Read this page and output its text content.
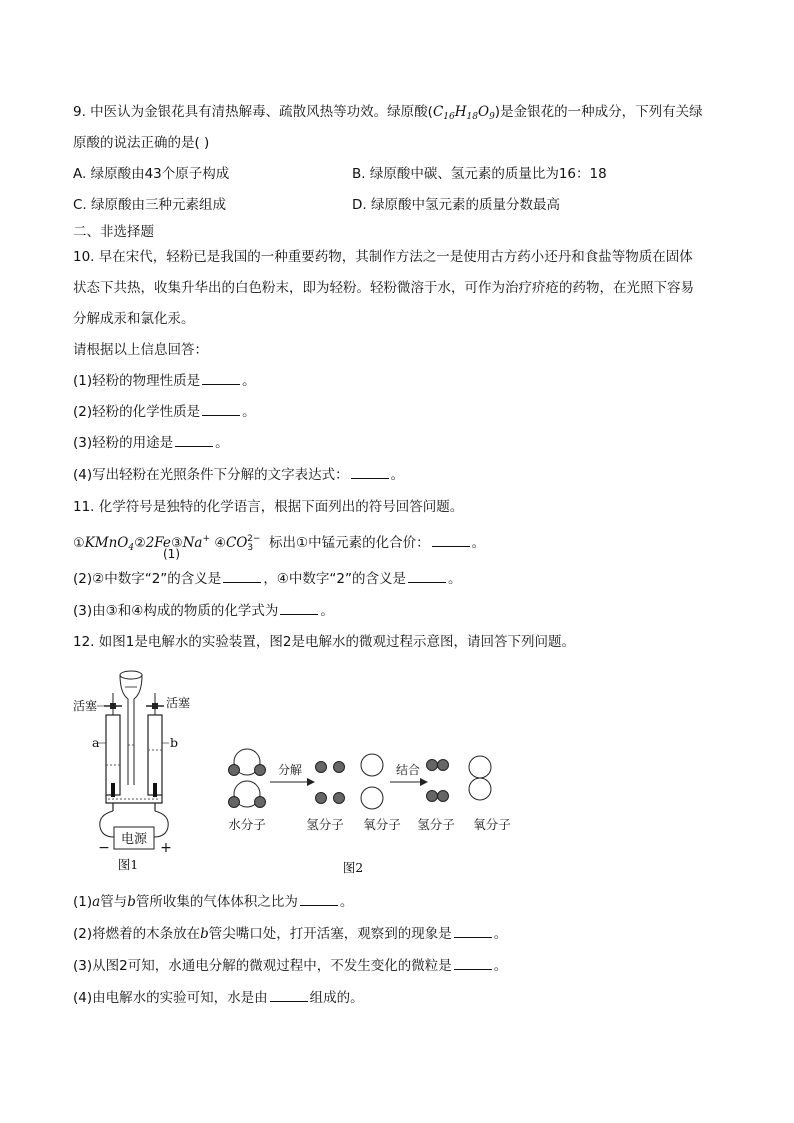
9. 中医认为金银花具有清热解毒、疏散风热等功效。绿原酸$(C_{16}H_{18}O_9)$是金银花的一种成分，下列有关绿
原酸的说法正确的是( )
A. 绿原酸由43个原子构成	B. 绿原酸中碳、氢元素的质量比为16：18
C. 绿原酸由三种元素组成	D. 绿原酸中氢元素的质量分数最高
二、非选择题
10. 早在宋代，轻粉已是我国的一种重要药物，其制作方法之一是使用古方药小还丹和食盐等物质在固体
状态下共热，收集升华出的白色粉末，即为轻粉。轻粉微溶于水，可作为治疗疥疮的药物，在光照下容易
分解成汞和氯化汞。
请根据以上信息回答：
(1)轻粉的物理性质是	。
(2)轻粉的化学性质是	。
(3)轻粉的用途是	。
(4)写出轻粉在光照条件下分解的文字表达式：	。
11. 化学符号是独特的化学语言，根据下面列出的符号回答问题。
①KMnO$_4$②2Fe③Na+ $④CO_3^{2-}$ 标出①中锰元素的化合价：	。
(1)
(2)②中数字“2”的含义是	，④中数字“2”的含义是	。
(3)由③和④构成的物质的化学式为	。
12. 如图1是电解水的实验装置，图2是电解水的微观过程示意图，请回答下列问题。
电源
−	+
活塞	活塞
a	b
图1
分解	结合
水分子	氢分子 氧分子 氢分子 氧分子
图2
(1)a管与b管所收集的气体体积之比为	。
(2)将燃着的木条放在b管尖嘴口处，打开活塞，观察到的现象是	。
(3)从图2可知，水通电分解的微观过程中，不发生变化的微粒是	。
(4)由电解水的实验可知，水是由	组成的。
